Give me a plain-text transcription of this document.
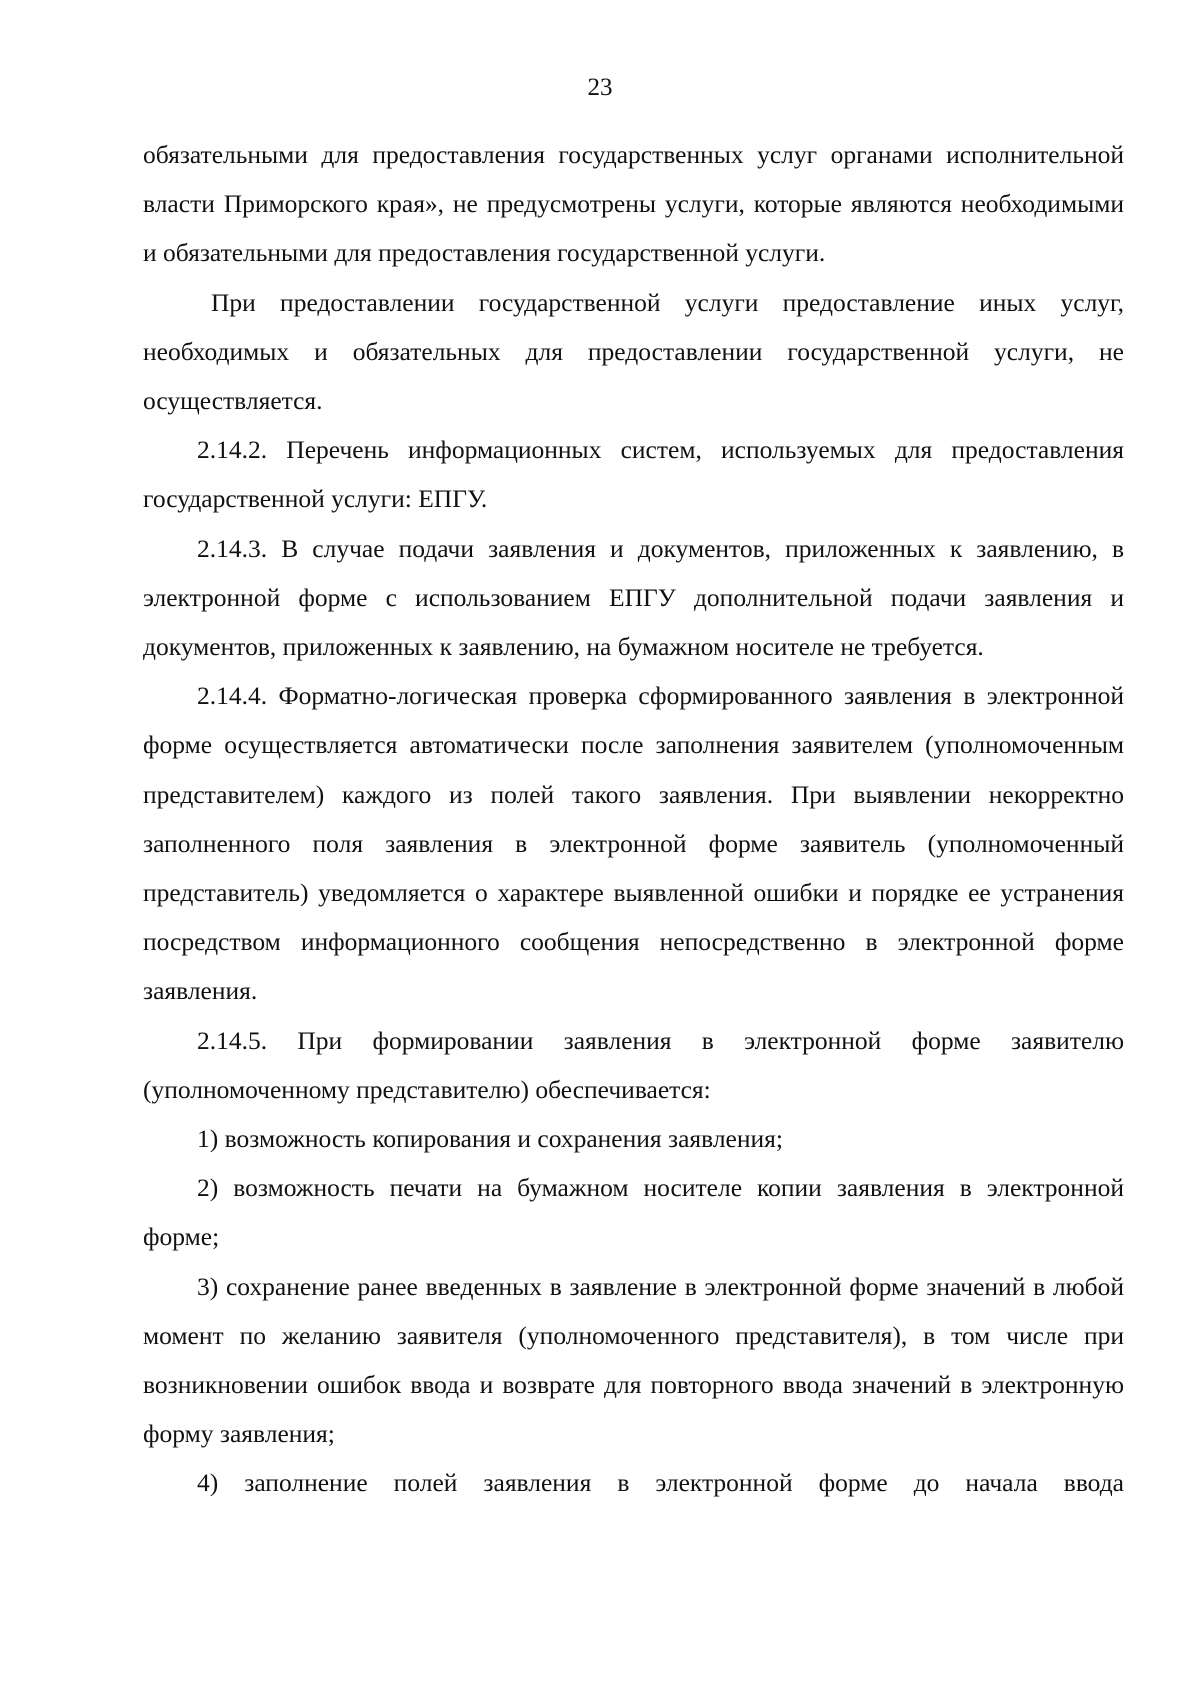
23

обязательными для предоставления государственных услуг органами исполнительной власти Приморского края», не предусмотрены услуги, которые являются необходимыми и обязательными для предоставления государственной услуги.

При предоставлении государственной услуги предоставление иных услуг, необходимых и обязательных для предоставлении государственной услуги, не осуществляется.

2.14.2. Перечень информационных систем, используемых для предоставления государственной услуги: ЕПГУ.

2.14.3. В случае подачи заявления и документов, приложенных к заявлению, в электронной форме с использованием ЕПГУ дополнительной подачи заявления и документов, приложенных к заявлению, на бумажном носителе не требуется.

2.14.4. Форматно-логическая проверка сформированного заявления в электронной форме осуществляется автоматически после заполнения заявителем (уполномоченным представителем) каждого из полей такого заявления. При выявлении некорректно заполненного поля заявления в электронной форме заявитель (уполномоченный представитель) уведомляется о характере выявленной ошибки и порядке ее устранения посредством информационного сообщения непосредственно в электронной форме заявления.

2.14.5. При формировании заявления в электронной форме заявителю (уполномоченному представителю) обеспечивается:

1) возможность копирования и сохранения заявления;

2) возможность печати на бумажном носителе копии заявления в электронной форме;

3) сохранение ранее введенных в заявление в электронной форме значений в любой момент по желанию заявителя (уполномоченного представителя), в том числе при возникновении ошибок ввода и возврате для повторного ввода значений в электронную форму заявления;

4) заполнение полей заявления в электронной форме до начала ввода
